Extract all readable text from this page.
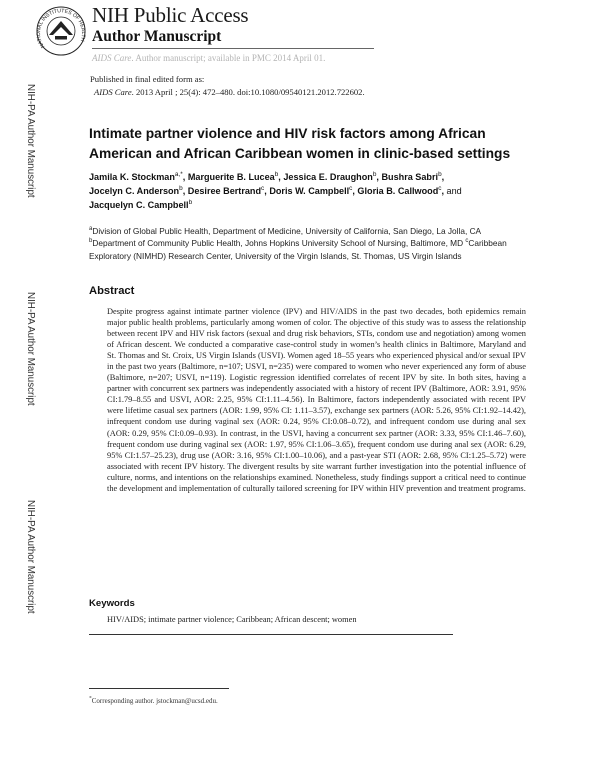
NATIONAL INSTITUTES OF HEALTH
NIH Public Access
Author Manuscript
AIDS Care. Author manuscript; available in PMC 2014 April 01.
Published in final edited form as:
AIDS Care. 2013 April ; 25(4): 472–480. doi:10.1080/09540121.2012.722602.
NIH-PA Author Manuscript
NIH-PA Author Manuscript
NIH-PA Author Manuscript
Intimate partner violence and HIV risk factors among African American and African Caribbean women in clinic-based settings
Jamila K. Stockman$^{a,*}$, Marguerite B. Lucea$^b$, Jessica E. Draughon$^b$, Bushra Sabri$^b$,
Jocelyn C. Anderson$^b$, Desiree Bertrand$^c$, Doris W. Campbell$^c$, Gloria B. Callwood$^c$, and
Jacquelyn C. Campbell$^b$
$^a$Division of Global Public Health, Department of Medicine, University of California, San Diego, La Jolla, CA $^b$Department of Community Public Health, Johns Hopkins University School of Nursing, Baltimore, MD $^c$Caribbean Exploratory (NIMHD) Research Center, University of the Virgin Islands, St. Thomas, US Virgin Islands
Abstract

Despite progress against intimate partner violence (IPV) and HIV/AIDS in the past two decades, both epidemics remain major public health problems, particularly among women of color. The objective of this study was to assess the relationship between recent IPV and HIV risk factors (sexual and drug risk behaviors, STIs, condom use and negotiation) among women of African descent. We conducted a comparative case-control study in women’s health clinics in Baltimore, Maryland and St. Thomas and St. Croix, US Virgin Islands (USVI). Women aged 18–55 years who experienced physical and/or sexual IPV in the past two years (Baltimore, n=107; USVI, n=235) were compared to women who never experienced any form of abuse (Baltimore, n=207; USVI, n=119). Logistic regression identified correlates of recent IPV by site. In both sites, having a partner with concurrent sex partners was independently associated with a history of recent IPV (Baltimore, AOR: 3.91, 95% CI:1.79–8.55 and USVI, AOR: 2.25, 95% CI:1.11–4.56). In Baltimore, factors independently associated with recent IPV were lifetime casual sex partners (AOR: 1.99, 95% CI: 1.11–3.57), exchange sex partners (AOR: 5.26, 95% CI:1.92–14.42), infrequent condom use during vaginal sex (AOR: 0.24, 95% CI:0.08–0.72), and infrequent condom use during anal sex (AOR: 0.29, 95% CI:0.09–0.93). In contrast, in the USVI, having a concurrent sex partner (AOR: 3.33, 95% CI:1.46–7.60), frequent condom use during vaginal sex (AOR: 1.97, 95% CI:1.06–3.65), frequent condom use during anal sex (AOR: 6.29, 95% CI:1.57–25.23), drug use (AOR: 3.16, 95% CI:1.00–10.06), and a past-year STI (AOR: 2.68, 95% CI:1.25–5.72) were associated with recent IPV history. The divergent results by site warrant further investigation into the potential influence of culture, norms, and intentions on the relationships examined. Nonetheless, study findings support a critical need to continue the development and implementation of culturally tailored screening for IPV within HIV prevention and treatment programs.

Keywords
HIV/AIDS; intimate partner violence; Caribbean; African descent; women
*Corresponding author. jstockman@ucsd.edu.
